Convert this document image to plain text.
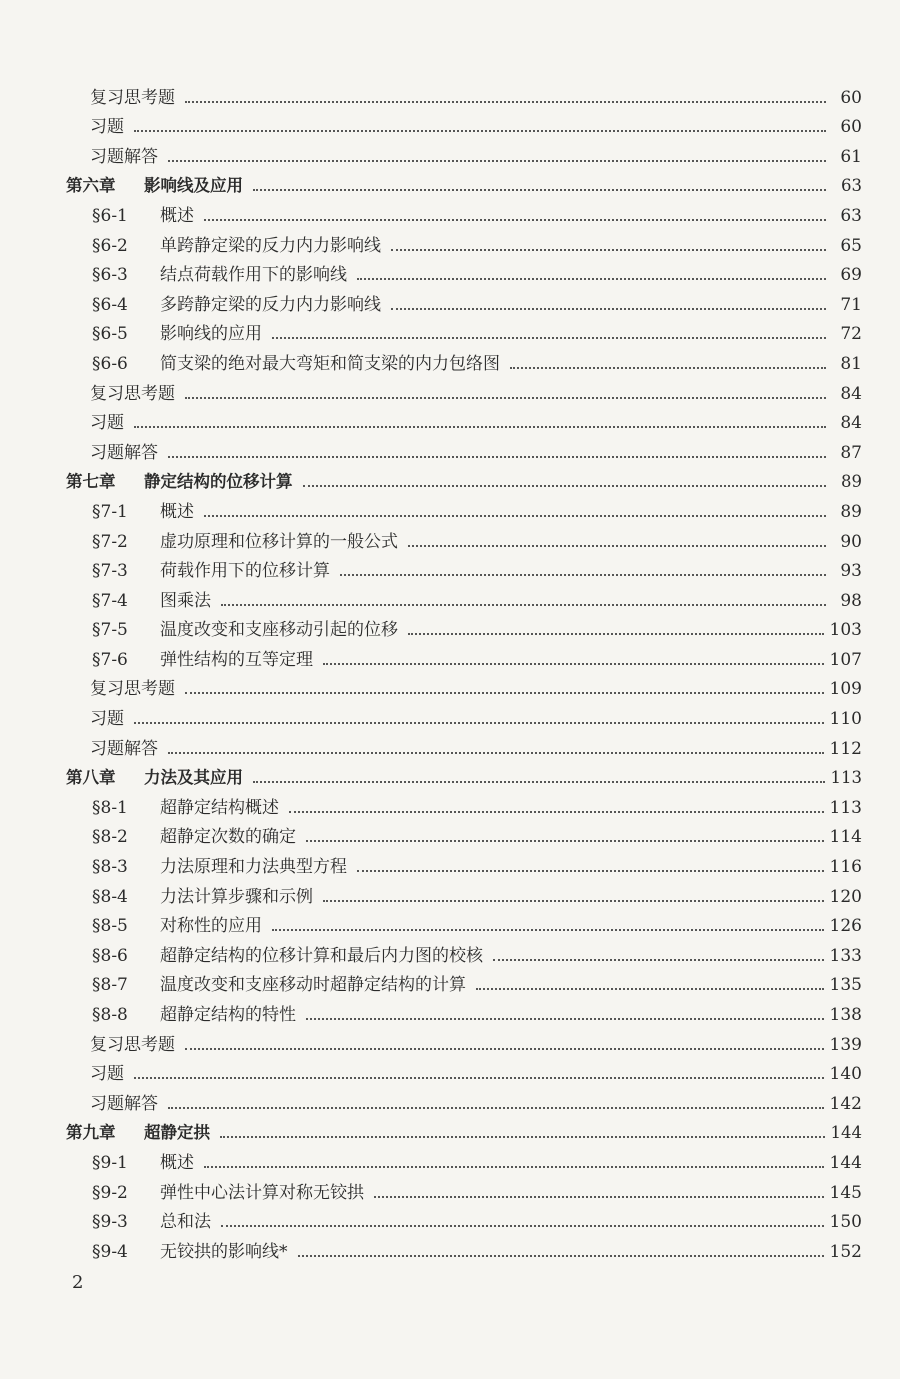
复习思考题	60
习题	60
习题解答	61
第六章	影响线及应用	63
§6-1	概述	63
§6-2	单跨静定梁的反力内力影响线	65
§6-3	结点荷载作用下的影响线	69
§6-4	多跨静定梁的反力内力影响线	71
§6-5	影响线的应用	72
§6-6	简支梁的绝对最大弯矩和简支梁的内力包络图	81
复习思考题	84
习题	84
习题解答	87
第七章	静定结构的位移计算	89
§7-1	概述	89
§7-2	虚功原理和位移计算的一般公式	90
§7-3	荷载作用下的位移计算	93
§7-4	图乘法	98
§7-5	温度改变和支座移动引起的位移	103
§7-6	弹性结构的互等定理	107
复习思考题	109
习题	110
习题解答	112
第八章	力法及其应用	113
§8-1	超静定结构概述	113
§8-2	超静定次数的确定	114
§8-3	力法原理和力法典型方程	116
§8-4	力法计算步骤和示例	120
§8-5	对称性的应用	126
§8-6	超静定结构的位移计算和最后内力图的校核	133
§8-7	温度改变和支座移动时超静定结构的计算	135
§8-8	超静定结构的特性	138
复习思考题	139
习题	140
习题解答	142
第九章	超静定拱	144
§9-1	概述	144
§9-2	弹性中心法计算对称无铰拱	145
§9-3	总和法	150
§9-4	无铰拱的影响线*	152
2
